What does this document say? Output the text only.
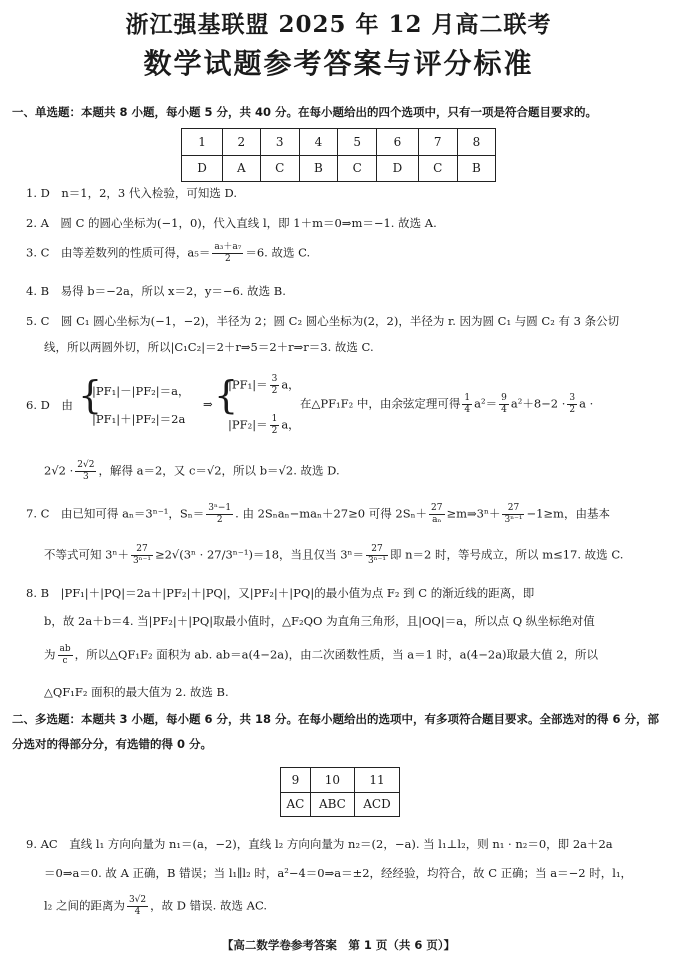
浙江强基联盟 2025 年 12 月高二联考
数学试题参考答案与评分标准
一、单选题：本题共 8 小题，每小题 5 分，共 40 分。在每小题给出的四个选项中，只有一项是符合题目要求的。
1	2	3	4	5	6	7	8
D	A	C	B	C	D	C	B
1. D　n＝1，2，3 代入检验，可知选 D.
2. A　圆 C 的圆心坐标为(−1，0)，代入直线 l，即 1＋m＝0⇒m＝−1. 故选 A.
3. C　由等差数列的性质可得，$a_5= \frac{\text{a₃＋a₇}}{2} =6$. 故选 C.
4. B　易得 b＝−2a，所以 x＝2，y＝−6. 故选 B.
5. C　圆 C₁ 圆心坐标为(−1，−2)，半径为 2；圆 C₂ 圆心坐标为(2，2)，半径为 r. 因为圆 C₁ 与圆 C₂ 有 3 条公切
线，所以两圆外切，所以|C₁C₂|＝2＋r⇒5＝2＋r⇒r＝3. 故选 C.
6. D　由 {
|PF₁|－|PF₂|＝a，
|PF₁|＋|PF₂|＝2a
⇒ {
$|PF_1|= \frac{3}{2}$ a，
$|PF_2|= \frac{1}{2}$ a，
在△PF₁F₂ 中，由余弦定理可得 $\frac{1}{4} a^2= \frac{9}{4} a^2+8-2 \cdot \frac{3}{2}$ a ·
$2√2 \cdot \frac{2√2}{3}$ ，解得 a＝2，又 c＝√2，所以 b＝√2. 故选 D.
7. C　由已知可得 aₙ＝3ⁿ⁻¹，$S_n= \frac{\text{3ⁿ−1}}{2}$ . 由 2Sₙaₙ−maₙ＋27≥0 可得 $2S_n+ \frac{27}{\text{aₙ}}$ ≥m⇒3ⁿ＋ $\frac{27}{\text{3ⁿ⁻¹}} -1\ge m$，由基本
不等式可知 $3^n+ \frac{27}{\text{3ⁿ⁻¹}} \ge 2√(3^n \cdot 27/3^{n-1})=18$，当且仅当 $3^n= \frac{27}{\text{3ⁿ⁻¹}}$ 即 n＝2 时，等号成立，所以 m≤17. 故选 C.
8. B　|PF₁|＋|PQ|＝2a＋|PF₂|＋|PQ|，又|PF₂|＋|PQ|的最小值为点 F₂ 到 C 的渐近线的距离，即
b，故 2a＋b＝4. 当|PF₂|＋|PQ|取最小值时，△F₂QO 为直角三角形，且|OQ|＝a，所以点 Q 纵坐标绝对值
为 $\frac{ab}{c}$ ，所以△QF₁F₂ 面积为 ab. ab＝a(4−2a)，由二次函数性质，当 a＝1 时，a(4−2a)取最大值 2，所以
△QF₁F₂ 面积的最大值为 2. 故选 B.
二、多选题：本题共 3 小题，每小题 6 分，共 18 分。在每小题给出的选项中，有多项符合题目要求。全部选对的得 6 分，部分选对的得部分分，有选错的得 0 分。
9	10	11
AC	ABC	ACD
9. AC　直线 l₁ 方向向量为 n₁＝(a，−2)，直线 l₂ 方向向量为 n₂＝(2，−a). 当 l₁⊥l₂，则 n₁ · n₂＝0，即 2a＋2a
＝0⇒a＝0. 故 A 正确，B 错误；当 l₁∥l₂ 时，a²−4＝0⇒a＝±2，经经验，均符合，故 C 正确；当 a＝−2 时，l₁，
l₂ 之间的距离为 $\frac{3√2}{4}$ ，故 D 错误. 故选 AC.
【高二数学卷参考答案　第 1 页（共 6 页）】
